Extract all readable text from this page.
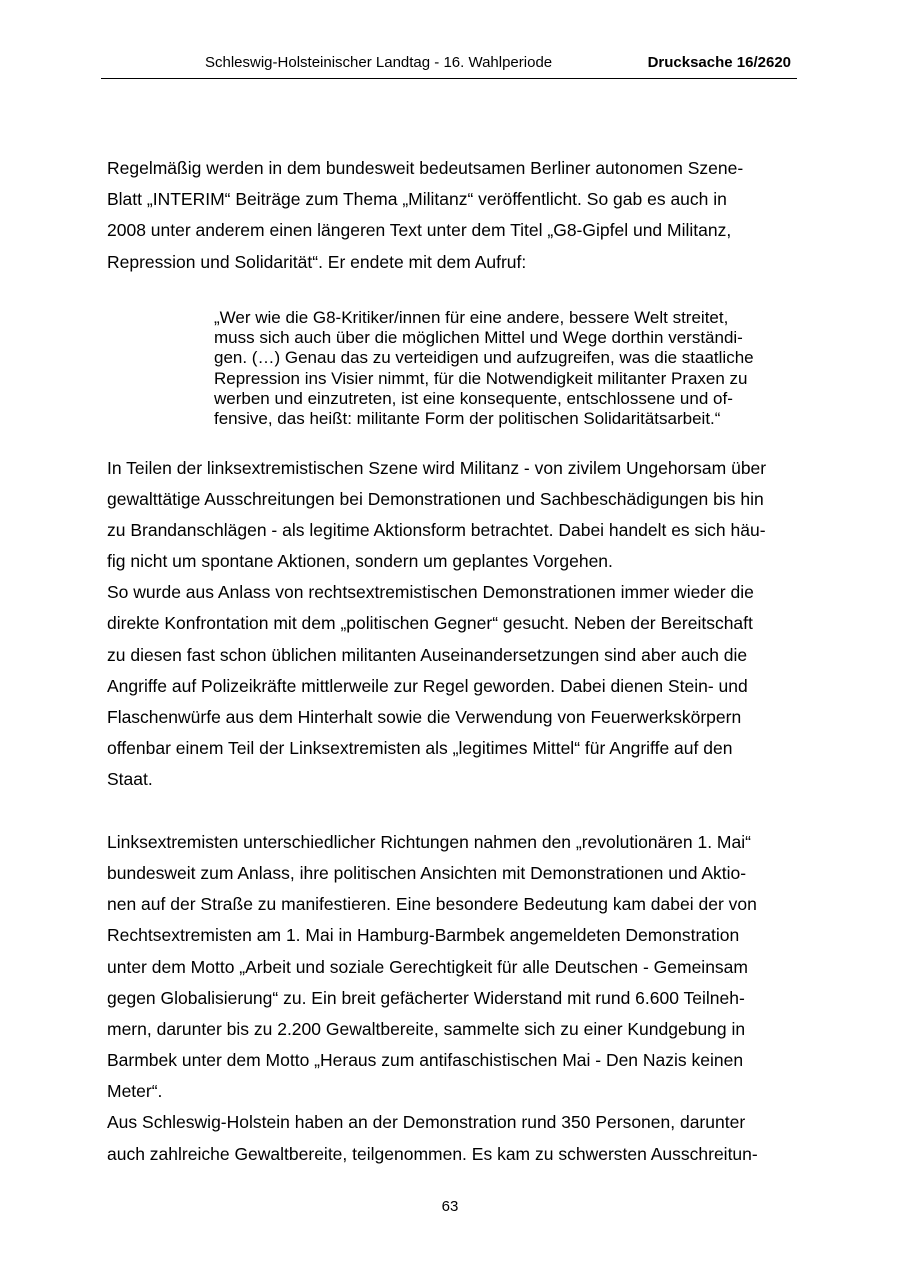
Schleswig-Holsteinischer Landtag - 16. Wahlperiode	Drucksache 16/2620
Regelmäßig werden in dem bundesweit bedeutsamen Berliner autonomen Szene-
Blatt „INTERIM“ Beiträge zum Thema „Militanz“ veröffentlicht. So gab es auch in
2008 unter anderem einen längeren Text unter dem Titel „G8-Gipfel und Militanz,
Repression und Solidarität“. Er endete mit dem Aufruf:
„Wer wie die G8-Kritiker/innen für eine andere, bessere Welt streitet,
muss sich auch über die möglichen Mittel und Wege dorthin verständi-
gen. (…) Genau das zu verteidigen und aufzugreifen, was die staatliche
Repression ins Visier nimmt, für die Notwendigkeit militanter Praxen zu
werben und einzutreten, ist eine konsequente, entschlossene und of-
fensive, das heißt: militante Form der politischen Solidaritätsarbeit.“
In Teilen der linksextremistischen Szene wird Militanz - von zivilem Ungehorsam über
gewalttätige Ausschreitungen bei Demonstrationen und Sachbeschädigungen bis hin
zu Brandanschlägen - als legitime Aktionsform betrachtet. Dabei handelt es sich häu-
fig nicht um spontane Aktionen, sondern um geplantes Vorgehen.
So wurde aus Anlass von rechtsextremistischen Demonstrationen immer wieder die
direkte Konfrontation mit dem „politischen Gegner“ gesucht. Neben der Bereitschaft
zu diesen fast schon üblichen militanten Auseinandersetzungen sind aber auch die
Angriffe auf Polizeikräfte mittlerweile zur Regel geworden. Dabei dienen Stein- und
Flaschenwürfe aus dem Hinterhalt sowie die Verwendung von Feuerwerkskörpern
offenbar einem Teil der Linksextremisten als „legitimes Mittel“ für Angriffe auf den
Staat.
Linksextremisten unterschiedlicher Richtungen nahmen den „revolutionären 1. Mai“
bundesweit zum Anlass, ihre politischen Ansichten mit Demonstrationen und Aktio-
nen auf der Straße zu manifestieren. Eine besondere Bedeutung kam dabei der von
Rechtsextremisten am 1. Mai in Hamburg-Barmbek angemeldeten Demonstration
unter dem Motto „Arbeit und soziale Gerechtigkeit für alle Deutschen - Gemeinsam
gegen Globalisierung“ zu. Ein breit gefächerter Widerstand mit rund 6.600 Teilneh-
mern, darunter bis zu 2.200 Gewaltbereite, sammelte sich zu einer Kundgebung in
Barmbek unter dem Motto „Heraus zum antifaschistischen Mai - Den Nazis keinen
Meter“.
Aus Schleswig-Holstein haben an der Demonstration rund 350 Personen, darunter
auch zahlreiche Gewaltbereite, teilgenommen. Es kam zu schwersten Ausschreitun-
63
